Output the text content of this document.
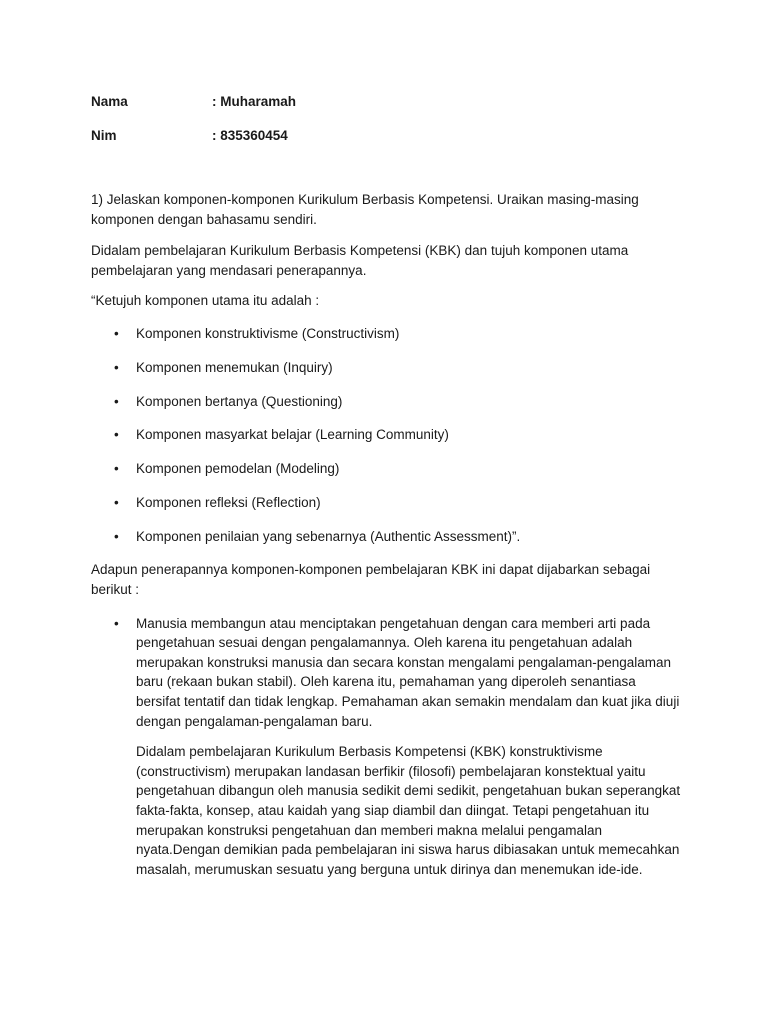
Nama	: Muharamah
Nim	: 835360454

1) Jelaskan komponen-komponen Kurikulum Berbasis Kompetensi. Uraikan masing-masing komponen dengan bahasamu sendiri.

Didalam pembelajaran Kurikulum Berbasis Kompetensi (KBK) dan tujuh komponen utama pembelajaran yang mendasari penerapannya.

“Ketujuh komponen utama itu adalah :

• Komponen konstruktivisme (Constructivism)
• Komponen menemukan (Inquiry)
• Komponen bertanya (Questioning)
• Komponen masyarkat belajar (Learning Community)
• Komponen pemodelan (Modeling)
• Komponen refleksi (Reflection)
• Komponen penilaian yang sebenarnya (Authentic Assessment)”.

Adapun penerapannya komponen-komponen pembelajaran KBK ini dapat dijabarkan sebagai berikut :

• Manusia membangun atau menciptakan pengetahuan dengan cara memberi arti pada pengetahuan sesuai dengan pengalamannya. Oleh karena itu pengetahuan adalah merupakan konstruksi manusia dan secara konstan mengalami pengalaman-pengalaman baru (rekaan bukan stabil). Oleh karena itu, pemahaman yang diperoleh senantiasa bersifat tentatif dan tidak lengkap. Pemahaman akan semakin mendalam dan kuat jika diuji dengan pengalaman-pengalaman baru.

Didalam pembelajaran Kurikulum Berbasis Kompetensi (KBK) konstruktivisme (constructivism) merupakan landasan berfikir (filosofi) pembelajaran konstektual yaitu pengetahuan dibangun oleh manusia sedikit demi sedikit, pengetahuan bukan seperangkat fakta-fakta, konsep, atau kaidah yang siap diambil dan diingat. Tetapi pengetahuan itu merupakan konstruksi pengetahuan dan memberi makna melalui pengamalan nyata.Dengan demikian pada pembelajaran ini siswa harus dibiasakan untuk memecahkan masalah, merumuskan sesuatu yang berguna untuk dirinya dan menemukan ide-ide.
